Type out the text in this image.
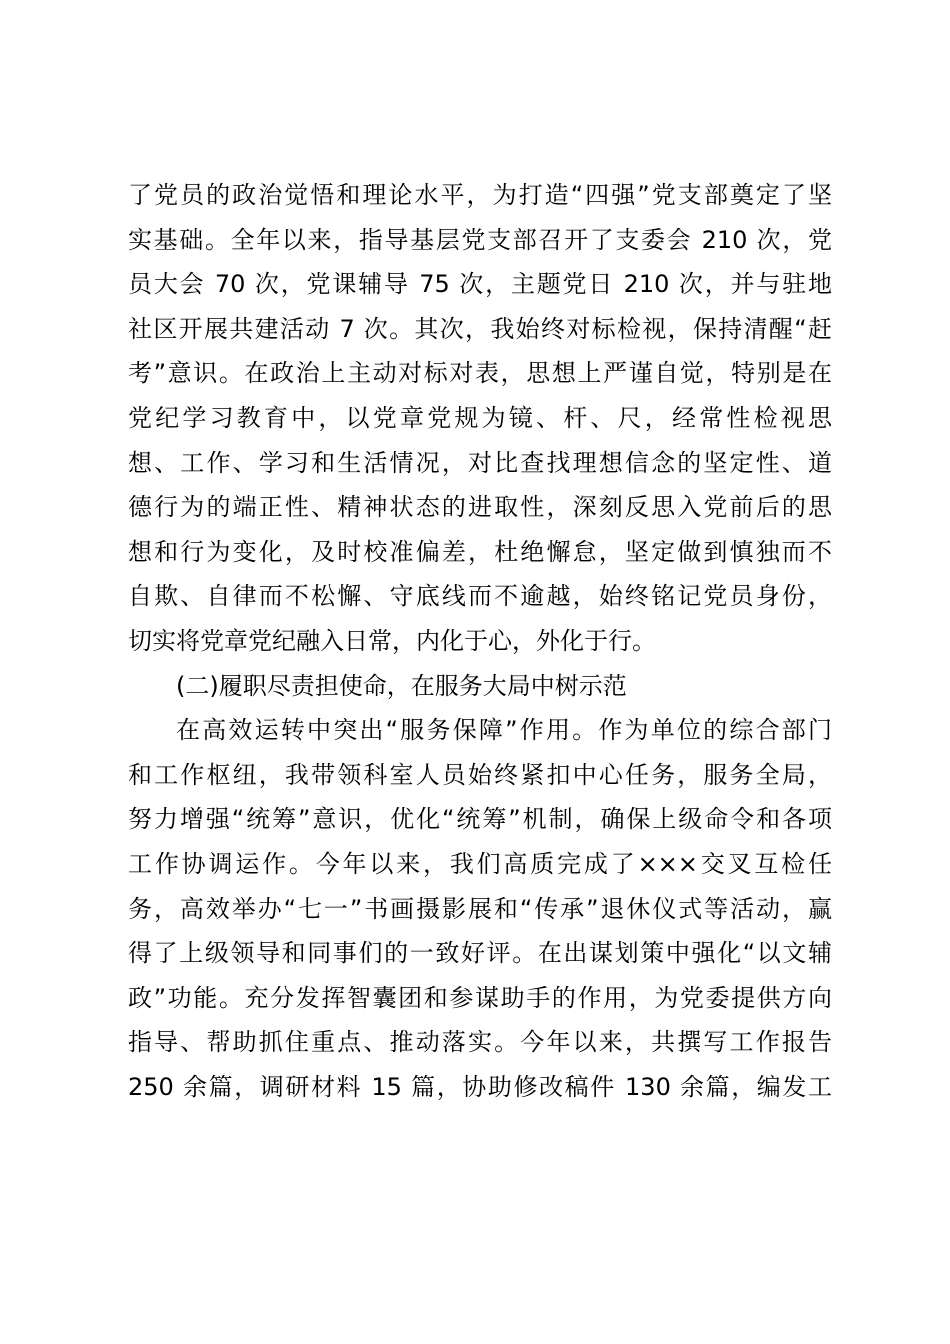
了党员的政治觉悟和理论水平，为打造“四强”党支部奠定了坚
实基础。全年以来，指导基层党支部召开了支委会 210 次，党
员大会 70 次，党课辅导 75 次，主题党日 210 次，并与驻地
社区开展共建活动 7 次。其次，我始终对标检视，保持清醒“赶
考”意识。在政治上主动对标对表，思想上严谨自觉，特别是在
党纪学习教育中，以党章党规为镜、杆、尺，经常性检视思
想、工作、学习和生活情况，对比查找理想信念的坚定性、道
德行为的端正性、精神状态的进取性，深刻反思入党前后的思
想和行为变化，及时校准偏差，杜绝懈怠，坚定做到慎独而不
自欺、自律而不松懈、守底线而不逾越，始终铭记党员身份，
切实将党章党纪融入日常，内化于心，外化于行。
(二)履职尽责担使命，在服务大局中树示范
在高效运转中突出“服务保障”作用。作为单位的综合部门
和工作枢纽，我带领科室人员始终紧扣中心任务，服务全局，
努力增强“统筹”意识，优化“统筹”机制，确保上级命令和各项
工作协调运作。今年以来，我们高质完成了×××交叉互检任
务，高效举办“七一”书画摄影展和“传承”退休仪式等活动，赢
得了上级领导和同事们的一致好评。在出谋划策中强化“以文辅
政”功能。充分发挥智囊团和参谋助手的作用，为党委提供方向
指导、帮助抓住重点、推动落实。今年以来，共撰写工作报告
250 余篇，调研材料 15 篇，协助修改稿件 130 余篇，编发工
